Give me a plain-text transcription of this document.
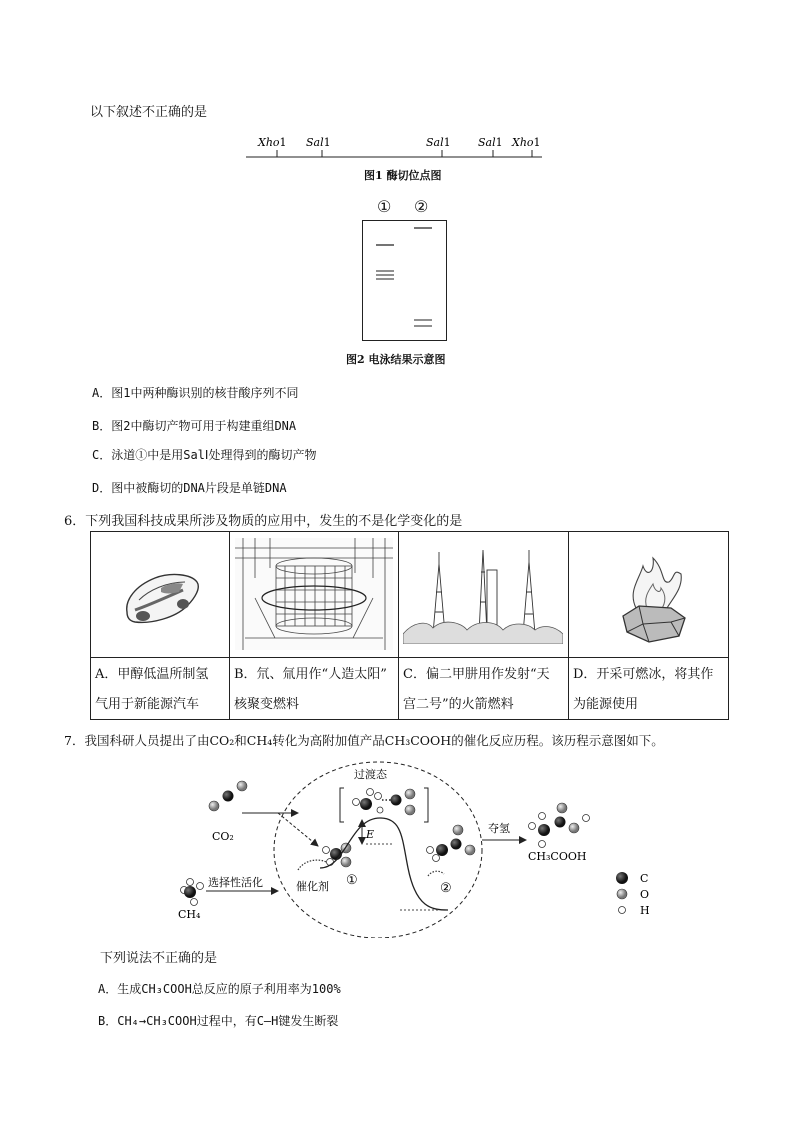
以下叙述不正确的是
Xho1 Sal1	Sal1 Sal1 Xho1
图1 酶切位点图
① ②
图2 电泳结果示意图
A．图1中两种酶识别的核苷酸序列不同
B．图2中酶切产物可用于构建重组DNA
C．泳道①中是用SalⅠ处理得到的酶切产物
D．图中被酶切的DNA片段是单链DNA
6．下列我国科技成果所涉及物质的应用中，发生的不是化学变化的是
A．甲醇低温所制氢
气用于新能源汽车
B．氘、氚用作“人造太阳”
核聚变燃料
C．偏二甲肼用作发射“天
宫二号”的火箭燃料
D．开采可燃冰，将其作
为能源使用
7．我国科研人员提出了由CO₂和CH₄转化为高附加值产品CH₃COOH的催化反应历程。该历程示意图如下。
CO₂
CH₄
选择性活化	催化剂 ①
E
过渡态
②
夺氢
CH₃COOH
C
O
H
下列说法不正确的是
A．生成CH₃COOH总反应的原子利用率为100%
B．CH₄→CH₃COOH过程中，有C—H键发生断裂
